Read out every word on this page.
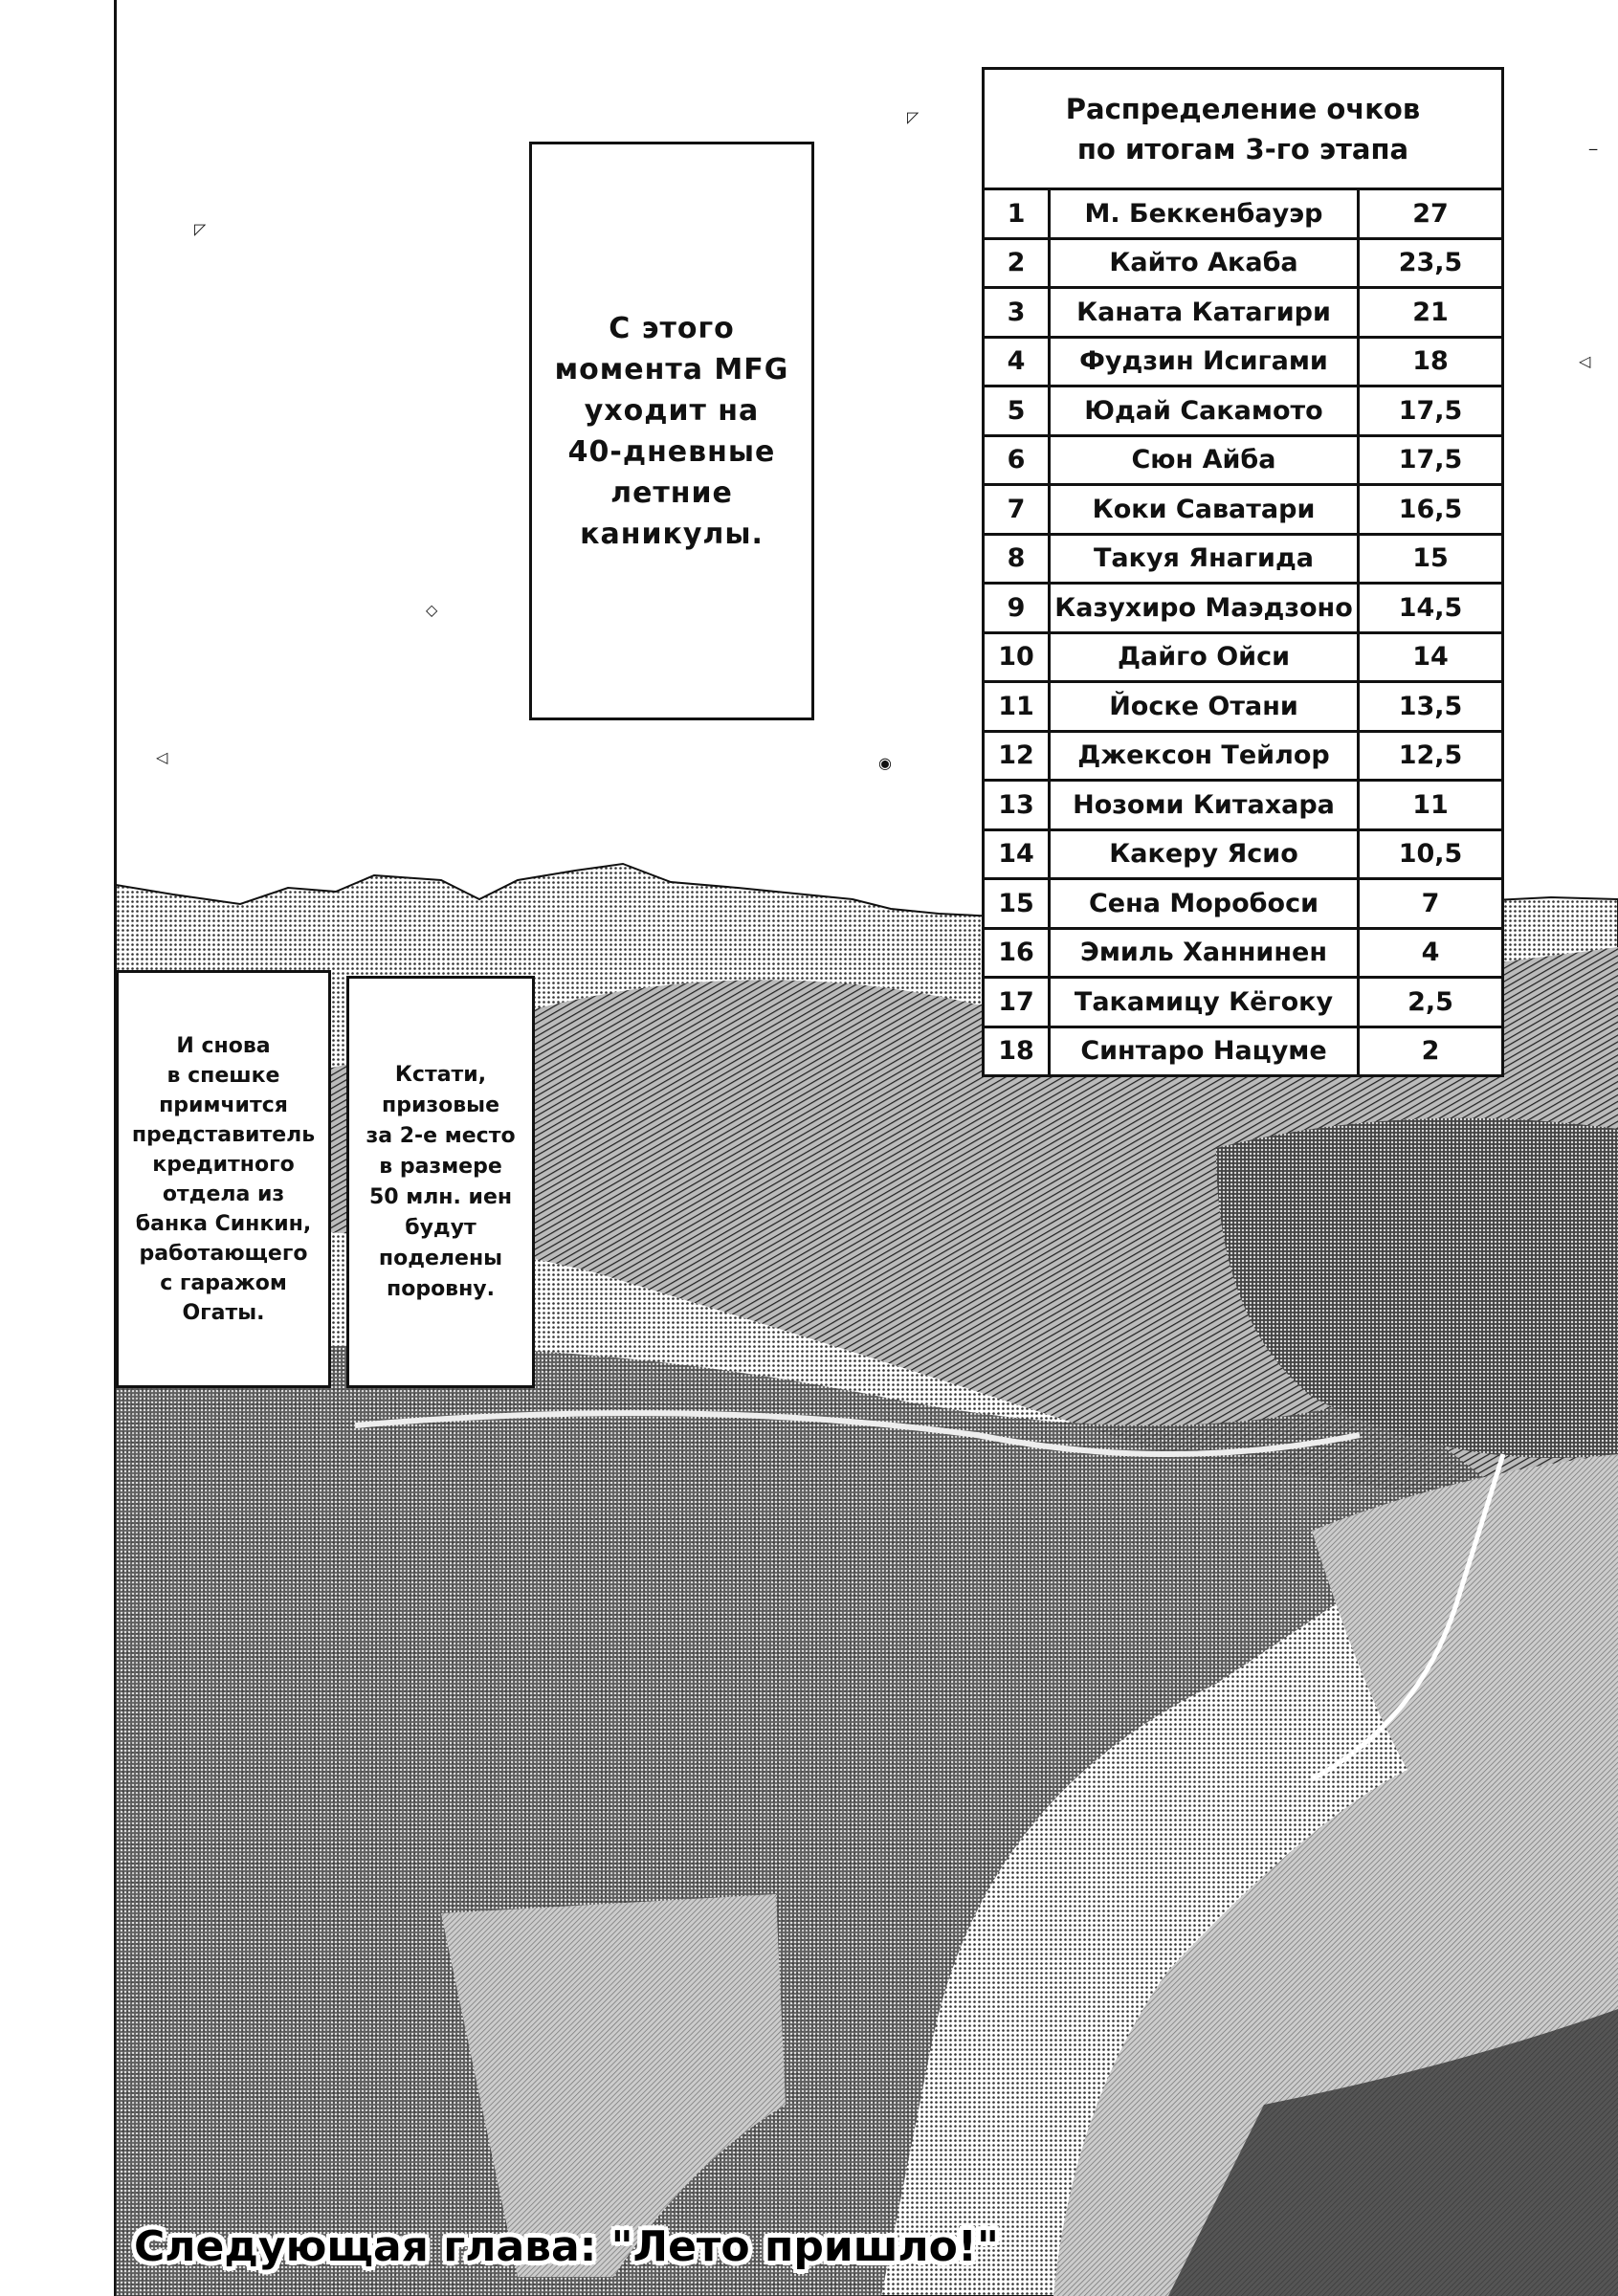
◸
◸
◇
◁	◉
◁
‒
С этого
момента MFG
уходит на
40-дневные
летние
каникулы.
Распределение очков
по итогам 3-го этапа
1	М. Беккенбауэр	27
2	Кайто Акаба	23,5
3	Каната Катагири	21
4	Фудзин Исигами	18
5	Юдай Сакамото	17,5
6	Сюн Айба	17,5
7	Коки Саватари	16,5
8	Такуя Янагида	15
9	Казухиро Маэдзоно	14,5
10	Дайго Ойси	14
11	Йоске Отани	13,5
12	Джексон Тейлор	12,5
13	Нозоми Китахара	11
14	Какеру Ясио	10,5
15	Сена Моробоси	7
16	Эмиль Ханнинен	4
17	Такамицу Кёгоку	2,5
18	Синтаро Нацуме	2
И снова
в спешке
примчится
представитель
кредитного
отдела из
банка Синкин,
работающего
с гаражом
Огаты.
Кстати,
призовые
за 2-е место
в размере
50 млн. иен
будут
поделены
поровну.
Следующая глава: "Лето пришло!"
